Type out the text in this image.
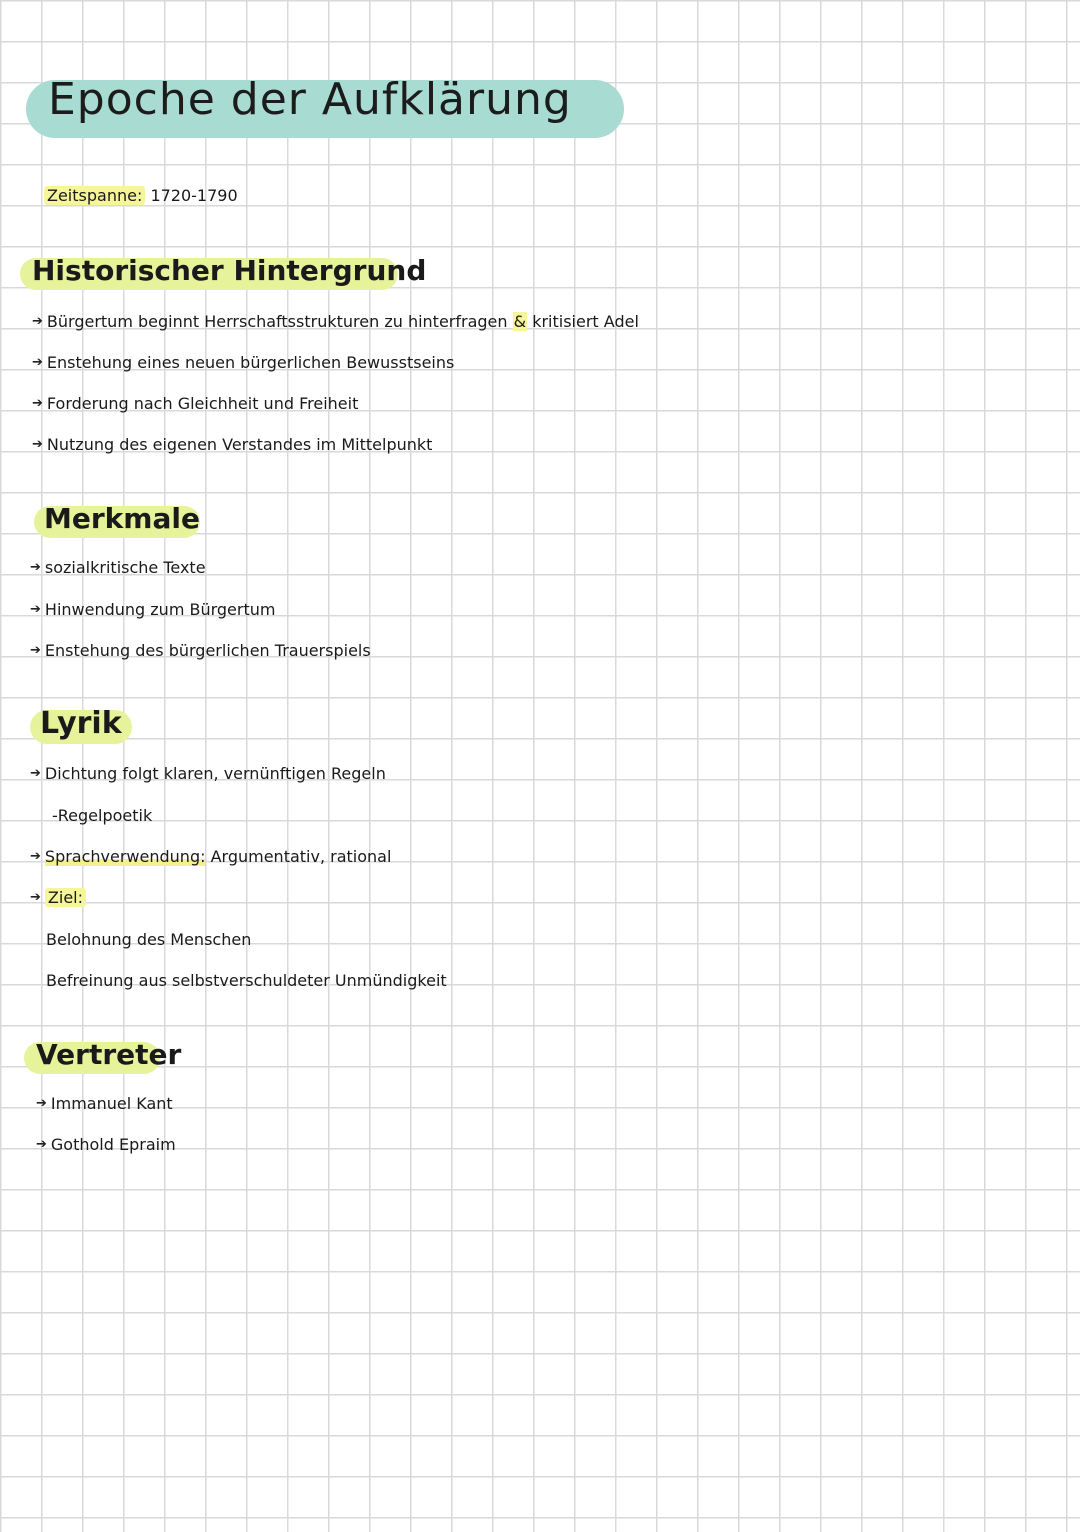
Epoche der Aufklärung
Zeitspanne: 1720-1790
Historischer Hintergrund
➔ Bürgertum beginnt Herrschaftsstrukturen zu hinterfragen
&
kritisiert Adel
➔ Enstehung eines neuen bürgerlichen Bewusstseins
➔ Forderung nach Gleichheit und Freiheit
➔ Nutzung des eigenen Verstandes im Mittelpunkt
Merkmale
➔ sozialkritische Texte
➔ Hinwendung zum Bürgertum
➔ Enstehung des bürgerlichen Trauerspiels
Lyrik
➔ Dichtung folgt klaren, vernünftigen Regeln
-Regelpoetik
➔ Sprachverwendung:
Argumentativ, rational
➔ Ziel:
Belohnung des Menschen
Befreinung aus selbstverschuldeter Unmündigkeit
Vertreter
➔ Immanuel Kant
➔ Gothold Epraim
